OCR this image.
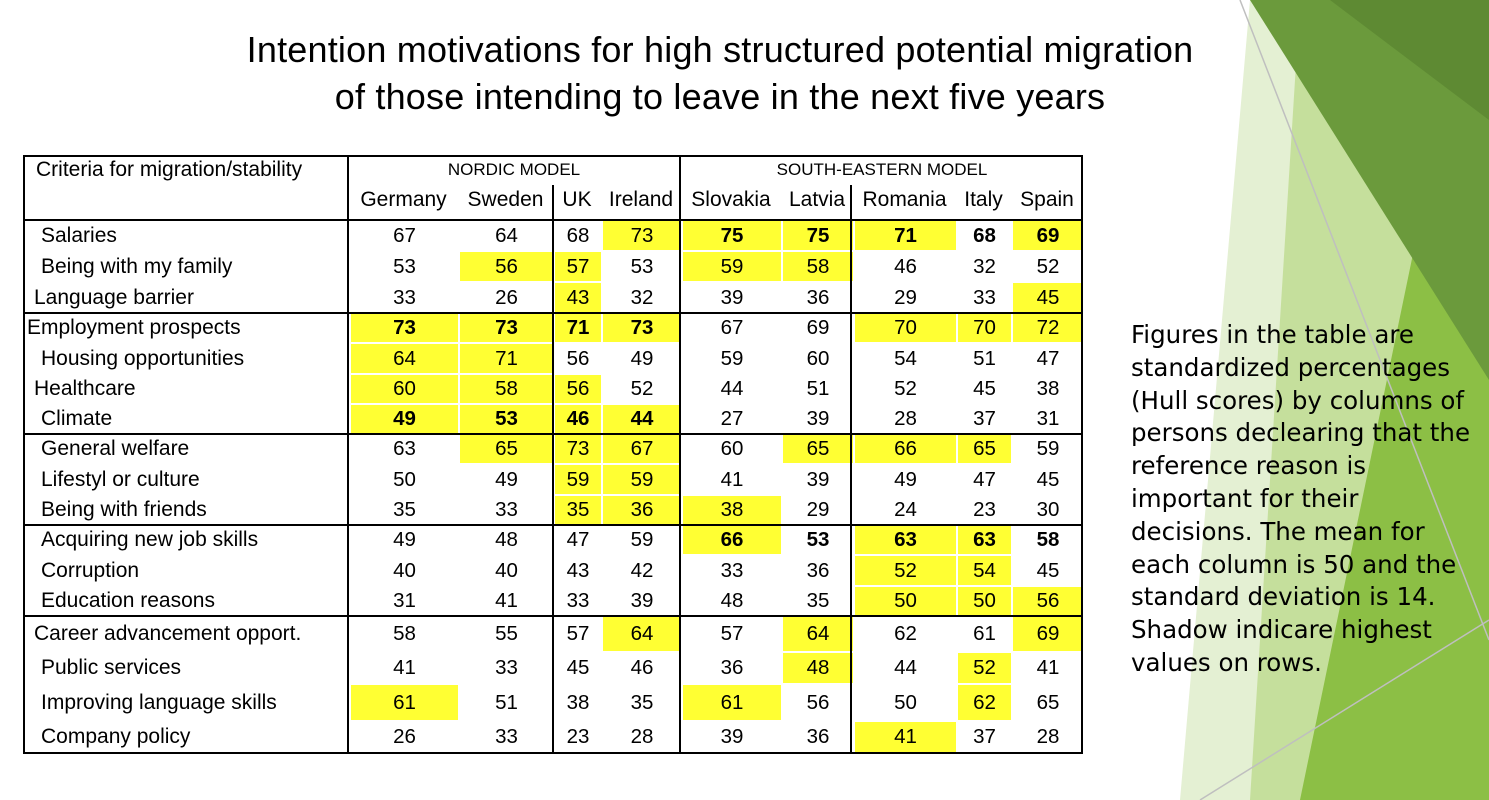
Intention motivations for high structured potential migration
of those intending to leave in the next five years
Criteria for migration/stability	NORDIC MODEL	SOUTH-EASTERN MODEL
Germany Sweden UK Ireland Slovakia Latvia Romania Italy Spain
Salaries	67	64	68	73	75	75	71	68	69
Being with my family	53	56	57	53	59	58	46	32	52
Language barrier	33	26	43	32	39	36	29	33	45
Employment prospects	73	73	71	73	67	69	70	70	72
Housing opportunities	64	71	56	49	59	60	54	51	47
Healthcare	60	58	56	52	44	51	52	45	38
Climate	49	53	46	44	27	39	28	37	31
General welfare	63	65	73	67	60	65	66	65	59
Lifestyl or culture	50	49	59	59	41	39	49	47	45
Being with friends	35	33	35	36	38	29	24	23	30
Acquiring new job skills	49	48	47	59	66	53	63	63	58
Corruption	40	40	43	42	33	36	52	54	45
Education reasons	31	41	33	39	48	35	50	50	56
Career advancement opport.	58	55	57	64	57	64	62	61	69
Public services	41	33	45	46	36	48	44	52	41
Improving language skills	61	51	38	35	61	56	50	62	65
Company policy	26	33	23	28	39	36	41	37	28
Figures in the table are standardized percentages (Hull scores) by columns of persons declearing that the reference reason is important for their decisions. The mean for each column is 50 and the standard deviation is 14. Shadow indicare highest values on rows.
